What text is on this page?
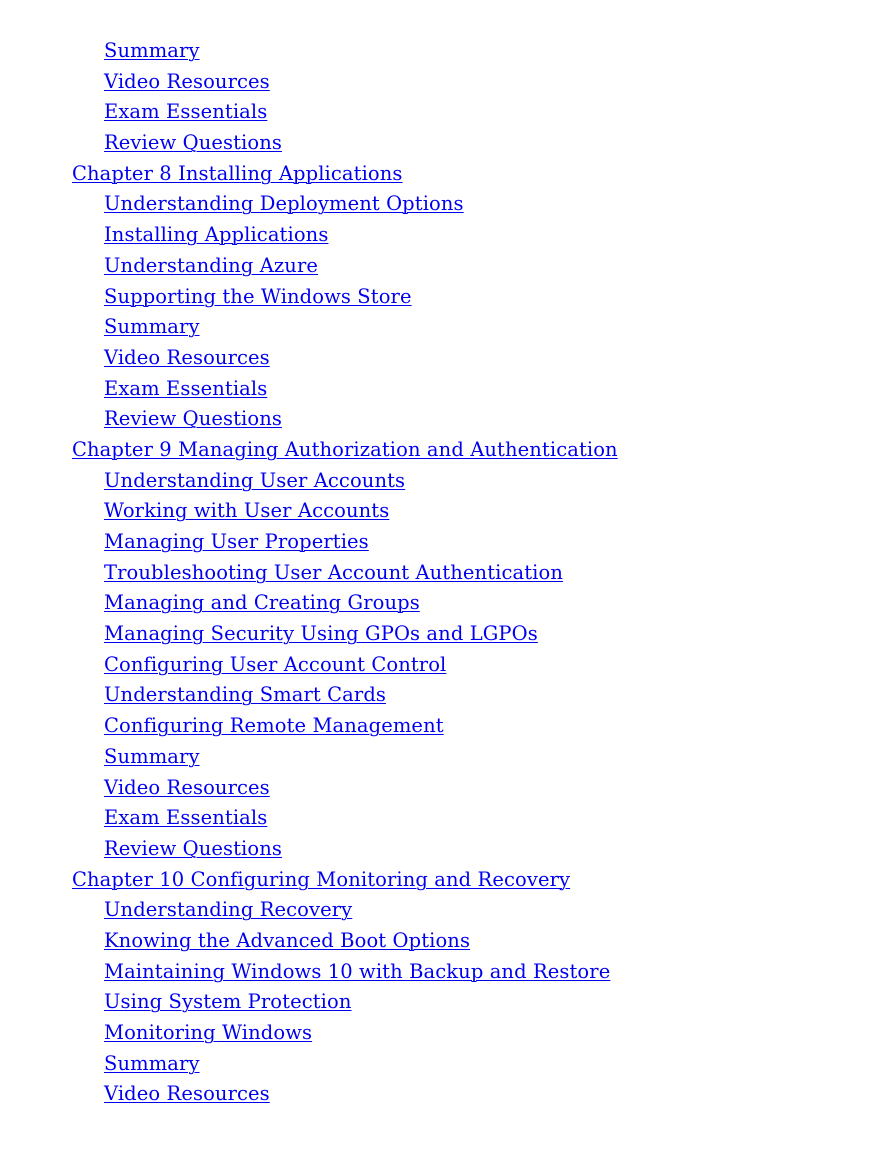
Summary
Video Resources
Exam Essentials
Review Questions
Chapter 8 Installing Applications
Understanding Deployment Options
Installing Applications
Understanding Azure
Supporting the Windows Store
Summary
Video Resources
Exam Essentials
Review Questions
Chapter 9 Managing Authorization and Authentication
Understanding User Accounts
Working with User Accounts
Managing User Properties
Troubleshooting User Account Authentication
Managing and Creating Groups
Managing Security Using GPOs and LGPOs
Configuring User Account Control
Understanding Smart Cards
Configuring Remote Management
Summary
Video Resources
Exam Essentials
Review Questions
Chapter 10 Configuring Monitoring and Recovery
Understanding Recovery
Knowing the Advanced Boot Options
Maintaining Windows 10 with Backup and Restore
Using System Protection
Monitoring Windows
Summary
Video Resources
